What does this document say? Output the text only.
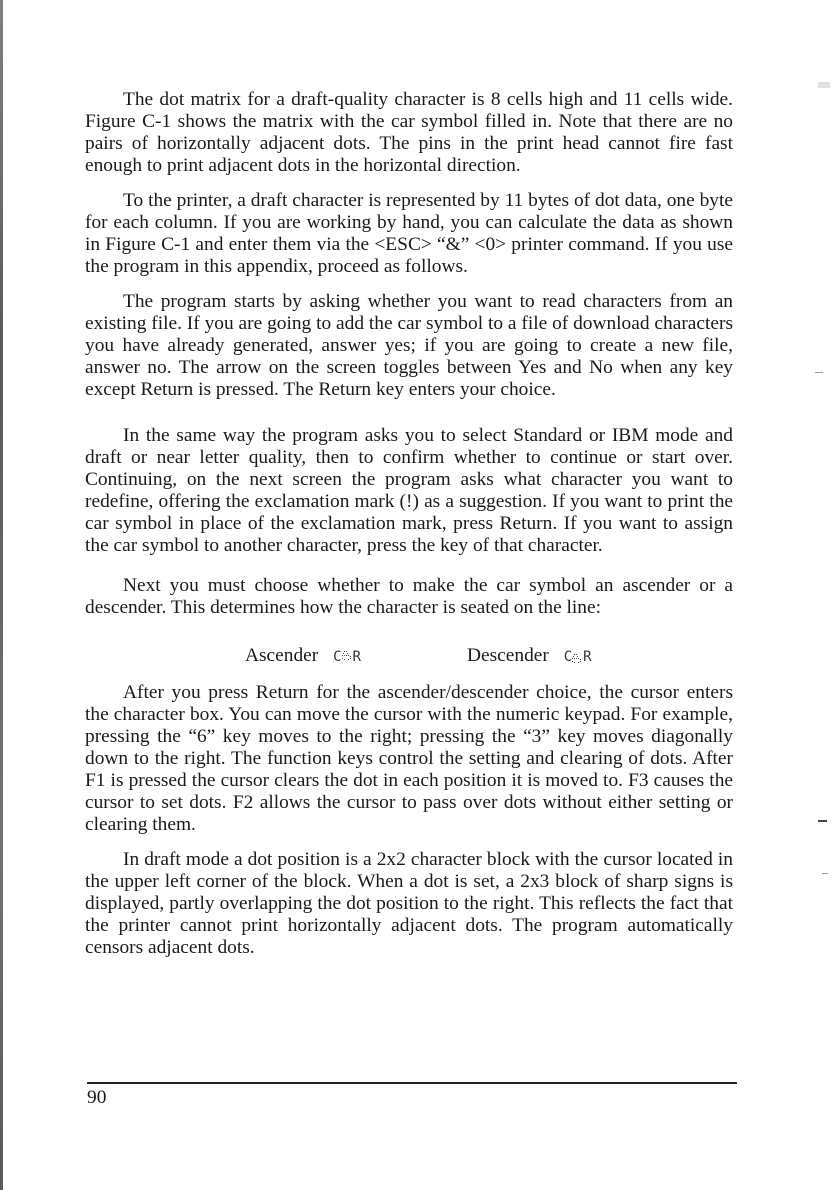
The dot matrix for a draft-quality character is 8 cells high and 11 cells wide. Figure C-1 shows the matrix with the car symbol filled in. Note that there are no pairs of horizontally adjacent dots. The pins in the print head cannot fire fast enough to print adjacent dots in the horizontal direction.

To the printer, a draft character is represented by 11 bytes of dot data, one byte for each column. If you are working by hand, you can calculate the data as shown in Figure C-1 and enter them via the <ESC> “&” <0> printer command. If you use the program in this appendix, proceed as follows.

The program starts by asking whether you want to read characters from an existing file. If you are going to add the car symbol to a file of download characters you have already generated, answer yes; if you are going to create a new file, answer no. The arrow on the screen toggles between Yes and No when any key except Return is pressed. The Return key enters your choice.

In the same way the program asks you to select Standard or IBM mode and draft or near letter quality, then to confirm whether to continue or start over. Continuing, on the next screen the program asks what character you want to redefine, offering the exclamation mark (!) as a suggestion. If you want to print the car symbol in place of the exclamation mark, press Return. If you want to assign the car symbol to another character, press the key of that character.

Next you must choose whether to make the car symbol an ascender or a descender. This determines how the character is seated on the line:

Ascender C R	Descender C R

After you press Return for the ascender/descender choice, the cursor enters the character box. You can move the cursor with the numeric keypad. For example, pressing the “6” key moves to the right; pressing the “3” key moves diagonally down to the right. The function keys control the setting and clearing of dots. After F1 is pressed the cursor clears the dot in each position it is moved to. F3 causes the cursor to set dots. F2 allows the cursor to pass over dots without either setting or clearing them.

In draft mode a dot position is a 2x2 character block with the cursor located in the upper left corner of the block. When a dot is set, a 2x3 block of sharp signs is displayed, partly overlapping the dot position to the right. This reflects the fact that the printer cannot print horizontally adjacent dots. The program automatically censors adjacent dots.

90
